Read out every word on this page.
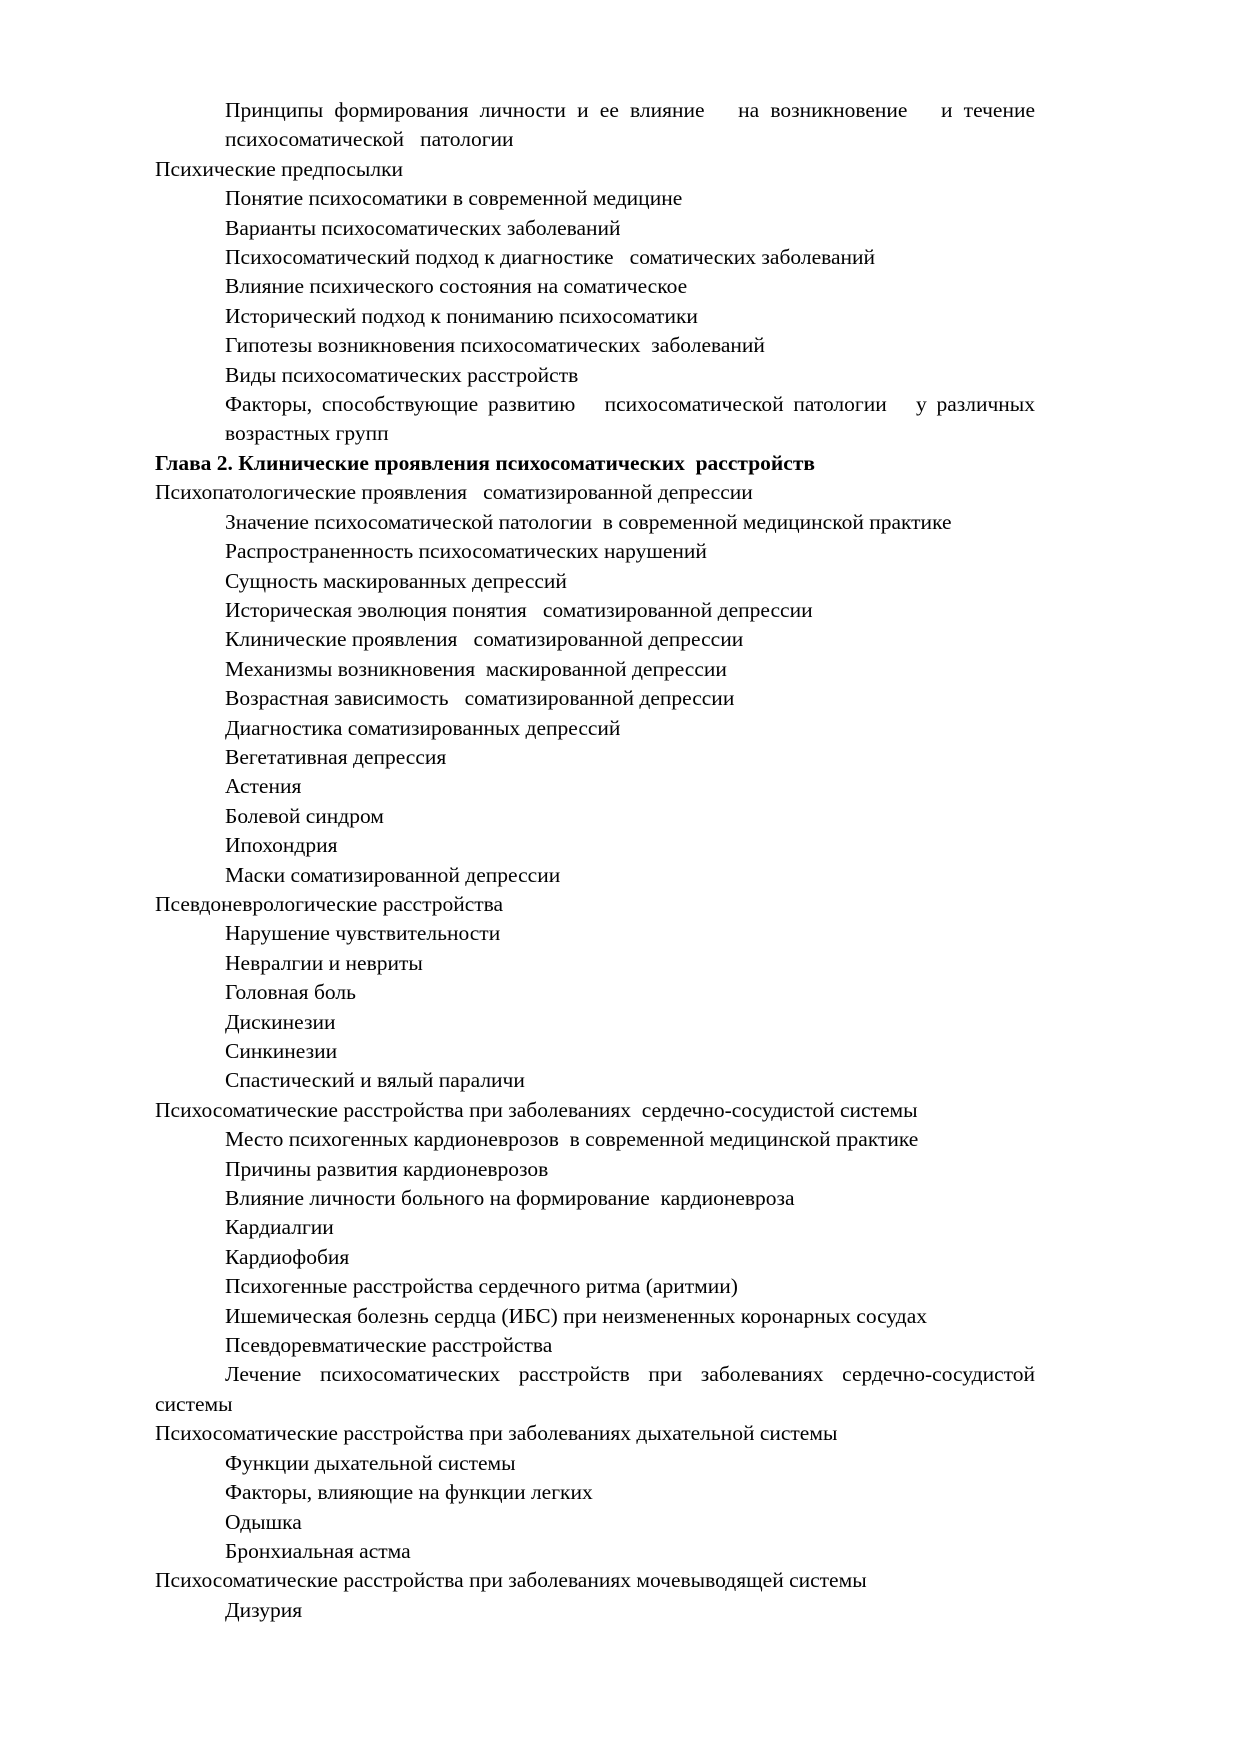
Принципы формирования личности и ее влияние   на возникновение   и течение психосоматической   патологии

Психические предпосылки

Понятие психосоматики в современной медицине

Варианты психосоматических заболеваний

Психосоматический подход к диагностике   соматических заболеваний

Влияние психического состояния на соматическое

Исторический подход к пониманию психосоматики

Гипотезы возникновения психосоматических  заболеваний

Виды психосоматических расстройств

Факторы, способствующие развитию   психосоматической патологии   у различных возрастных групп

Глава 2. Клинические проявления психосоматических  расстройств

Психопатологические проявления   соматизированной депрессии

Значение психосоматической патологии  в современной медицинской практике

Распространенность психосоматических нарушений

Сущность маскированных депрессий

Историческая эволюция понятия   соматизированной депрессии

Клинические проявления   соматизированной депрессии

Механизмы возникновения  маскированной депрессии

Возрастная зависимость   соматизированной депрессии

Диагностика соматизированных депрессий

Вегетативная депрессия

Астения

Болевой синдром

Ипохондрия

Маски соматизированной депрессии

Псевдоневрологические расстройства

Нарушение чувствительности

Невралгии и невриты

Головная боль

Дискинезии

Синкинезии

Спастический и вялый параличи

Психосоматические расстройства при заболеваниях  сердечно-сосудистой системы

Место психогенных кардионеврозов  в современной медицинской практике

Причины развития кардионеврозов

Влияние личности больного на формирование  кардионевроза

Кардиалгии

Кардиофобия

Психогенные расстройства сердечного ритма (аритмии)

Ишемическая болезнь сердца (ИБС) при неизмененных коронарных сосудах

Псевдоревматические расстройства

Лечение психосоматических расстройств при заболеваниях сердечно-сосудистой системы

Психосоматические расстройства при заболеваниях дыхательной системы

Функции дыхательной системы

Факторы, влияющие на функции легких

Одышка

Бронхиальная астма

Психосоматические расстройства при заболеваниях мочевыводящей системы

Дизурия
